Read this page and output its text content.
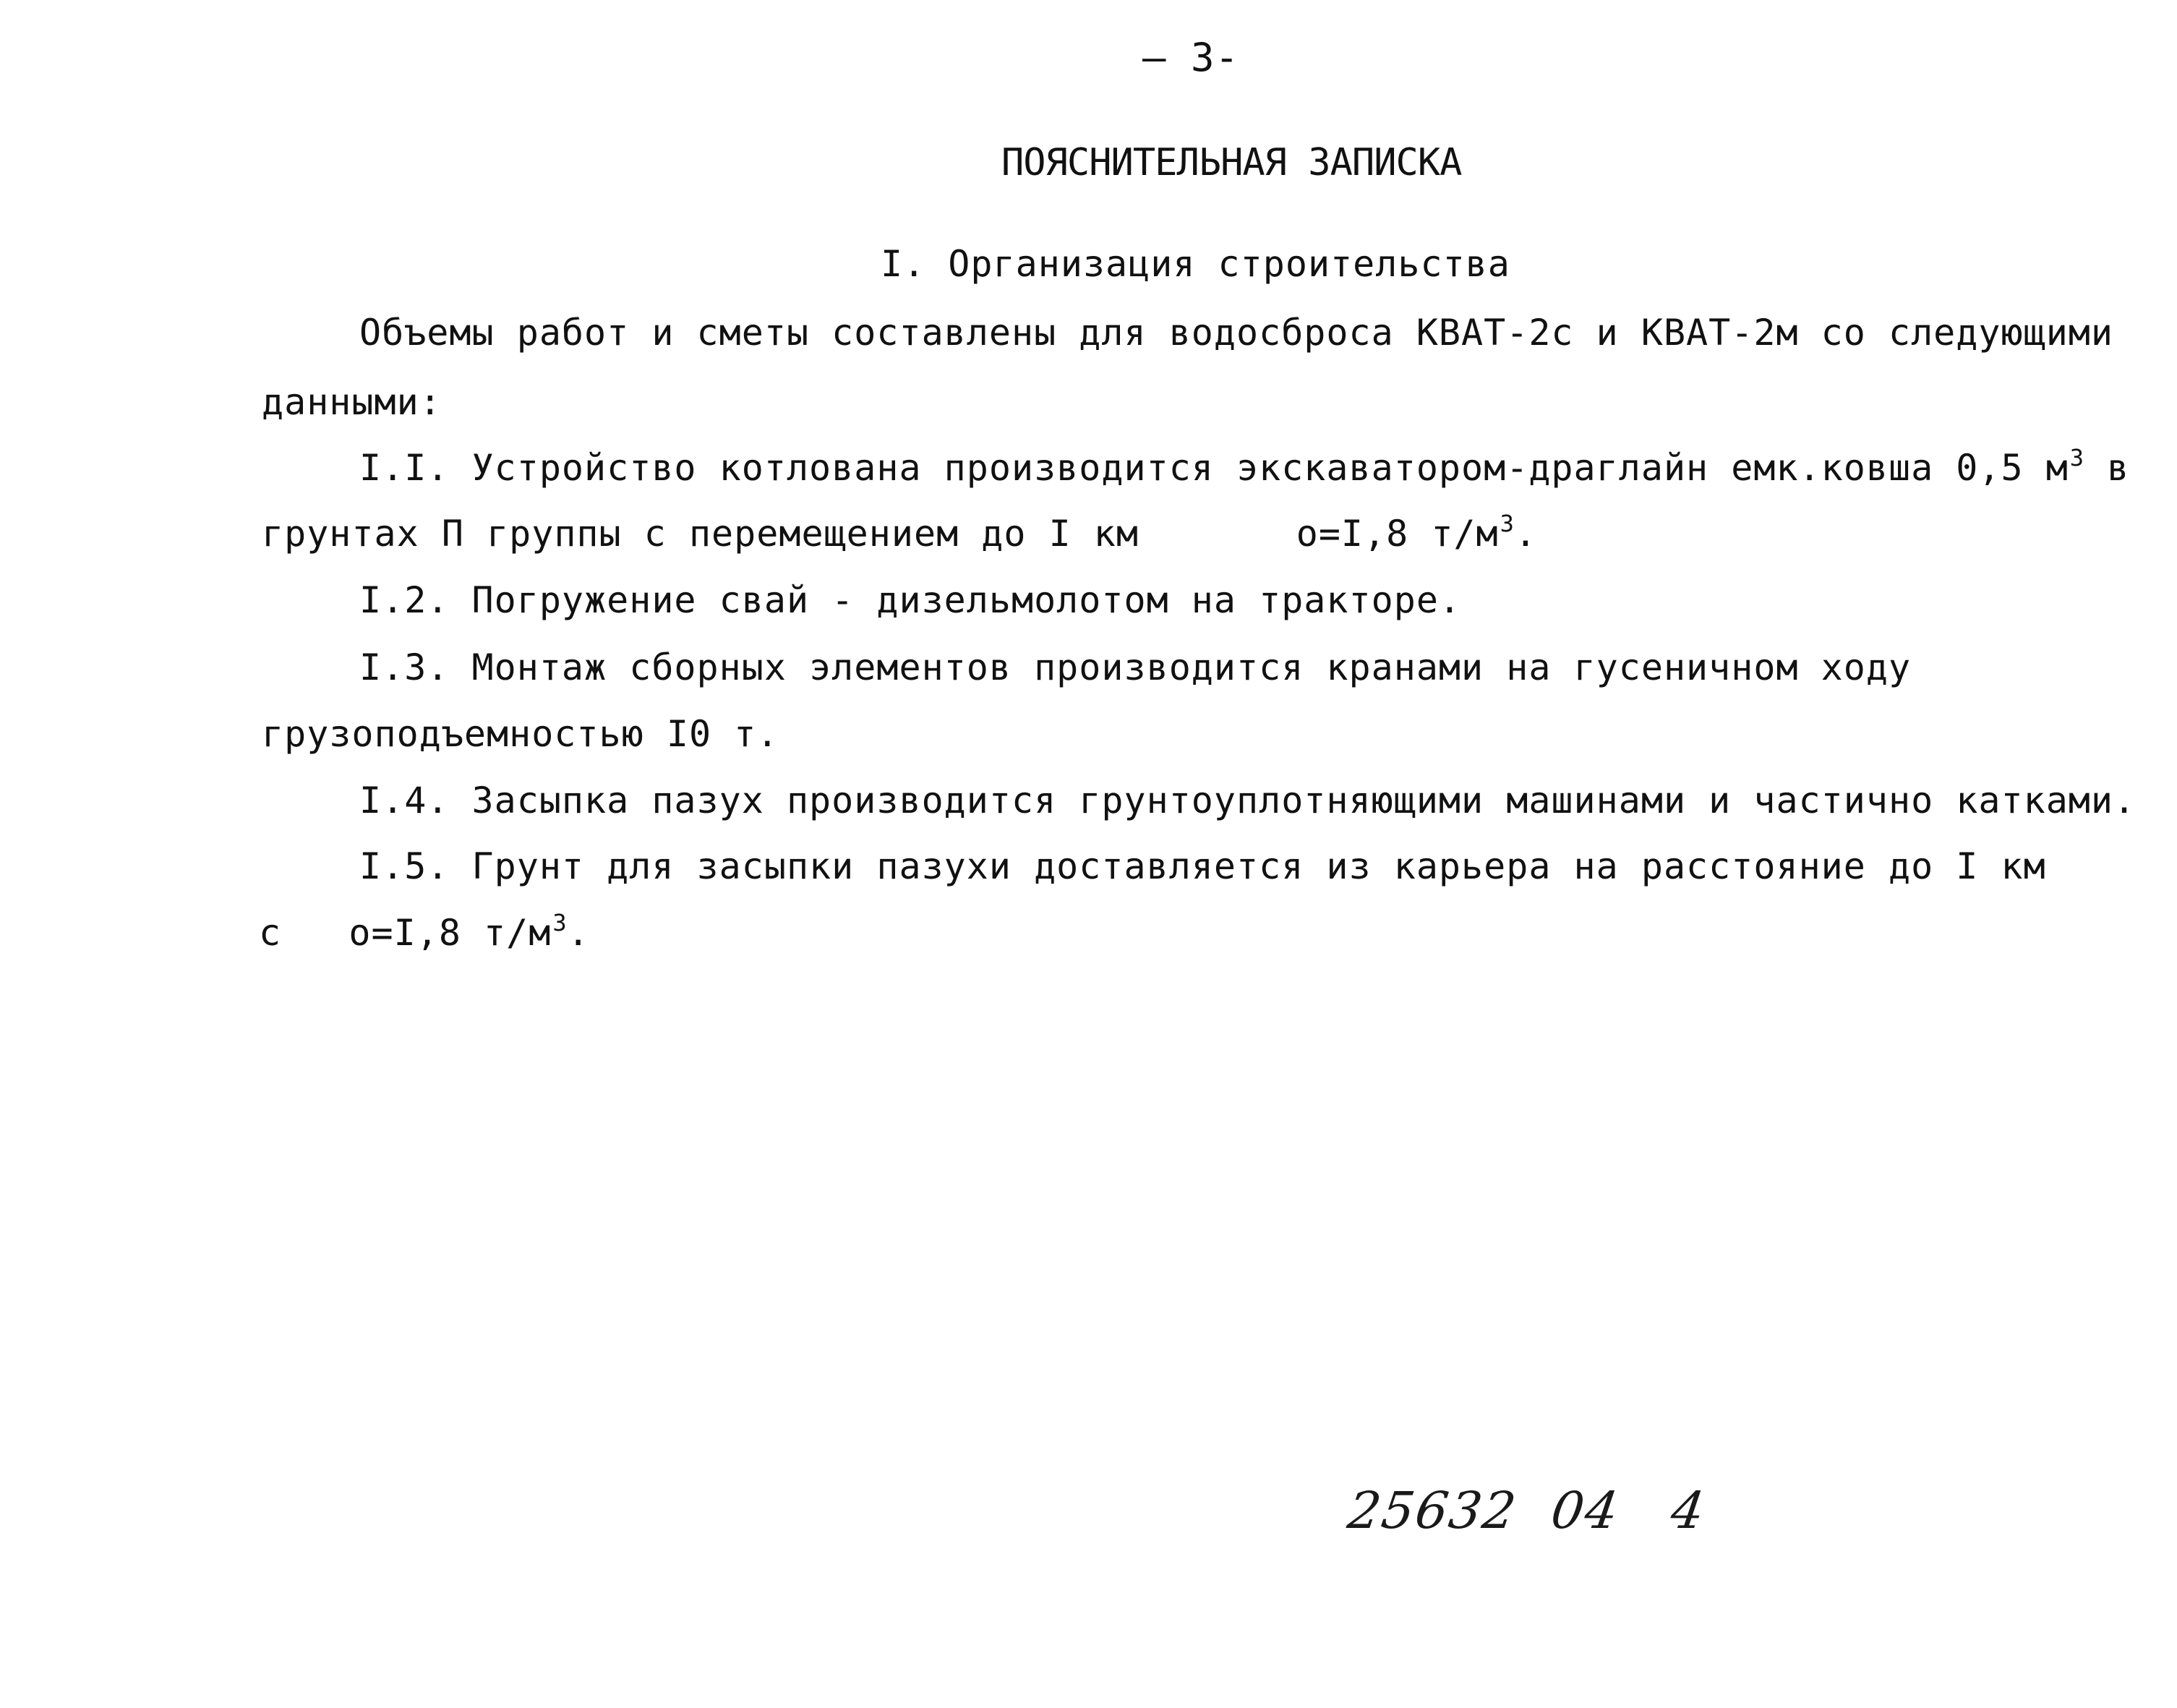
— 3-
ПОЯСНИТЕЛЬНАЯ ЗАПИСКА
I. Организация строительства
Объемы работ и сметы составлены для водосброса КВАТ-2с и КВАТ-2м со следующими
данными:
I.I. Устройство котлована производится экскаватором-драглайн емк.ковша 0,5 $м^3$ в
грунтах П группы с перемещением до I км       о=I,8 $т/м^3$.
I.2. Погружение свай - дизельмолотом на тракторе.
I.3. Монтаж сборных элементов производится кранами на гусеничном ходу
грузоподъемностью I0 т.
I.4. Засыпка пазух производится грунтоуплотняющими машинами и частично катками.
I.5. Грунт для засыпки пазухи доставляется из карьера на расстояние до I км
с   о=I,8 $т/м^3$.
25632  04   4
